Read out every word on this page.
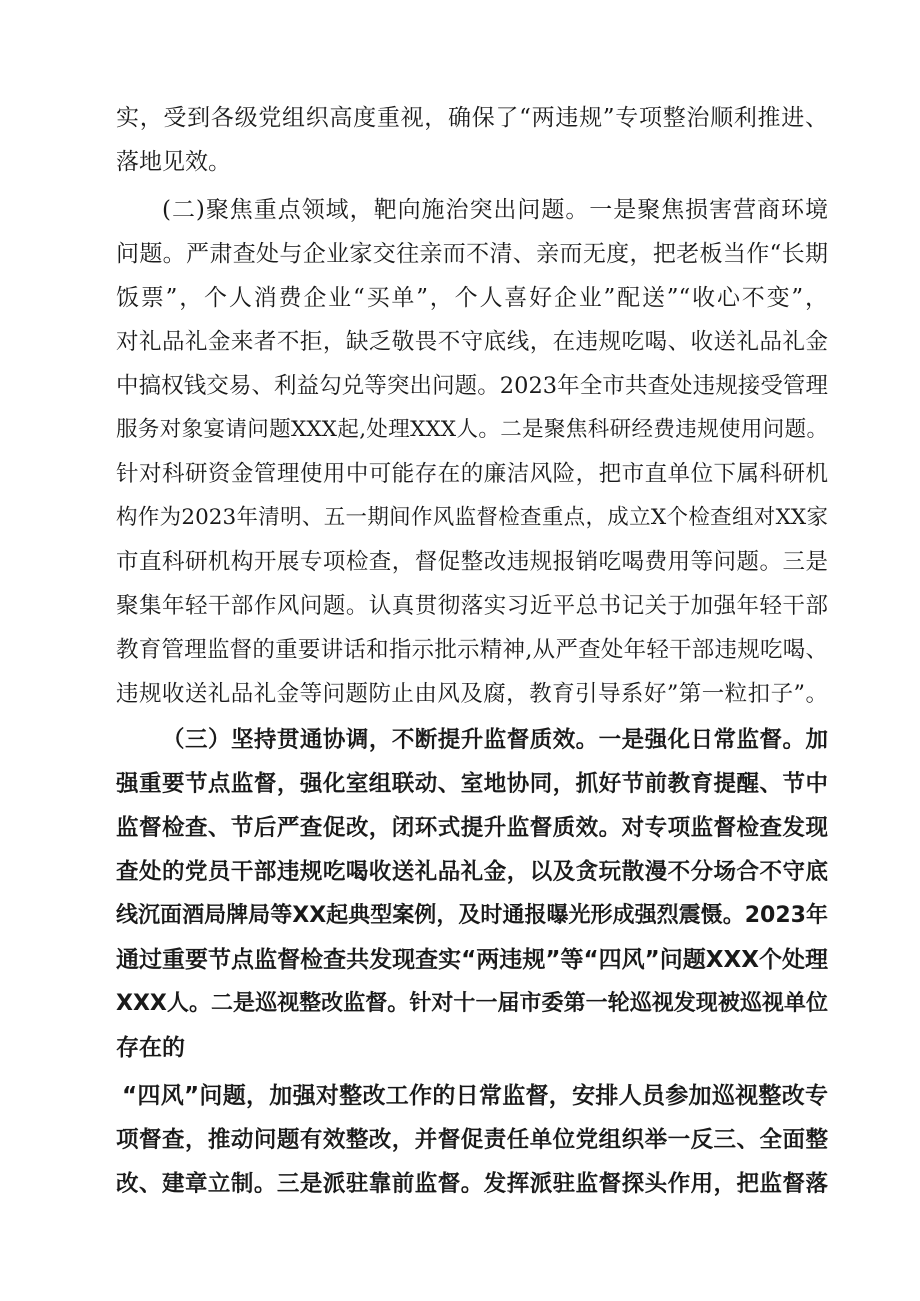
实，受到各级党组织高度重视，确保了“两违规”专项整治顺利推进、

落地见效。

(二)聚焦重点领域，靶向施治突出问题。一是聚焦损害营商环境

问题。严肃查处与企业家交往亲而不清、亲而无度，把老板当作“长期

饭票”，个人消费企业“买单”，个人喜好企业”配送”“收心不变”，

对礼品礼金来者不拒，缺乏敬畏不守底线，在违规吃喝、收送礼品礼金

中搞权钱交易、利益勾兑等突出问题。2023年全市共查处违规接受管理

服务对象宴请问题XXX起,处理XXX人。二是聚焦科研经费违规使用问题。

针对科研资金管理使用中可能存在的廉洁风险，把市直单位下属科研机

构作为2023年清明、五一期间作风监督检查重点，成立X个检查组对XX家

市直科研机构开展专项检查，督促整改违规报销吃喝费用等问题。三是

聚集年轻干部作风问题。认真贯彻落实习近平总书记关于加强年轻干部

教育管理监督的重要讲话和指示批示精神,从严查处年轻干部违规吃喝、

违规收送礼品礼金等问题防止由风及腐，教育引导系好”第一粒扣子”。

（三）坚持贯通协调，不断提升监督质效。一是强化日常监督。加

强重要节点监督，强化室组联动、室地协同，抓好节前教育提醒、节中

监督检查、节后严查促改，闭环式提升监督质效。对专项监督检查发现

查处的党员干部违规吃喝收送礼品礼金，以及贪玩散漫不分场合不守底

线沉面酒局牌局等XX起典型案例，及时通报曝光形成强烈震慑。2023年

通过重要节点监督检查共发现查实“两违规”等“四风”问题XXX个处理

XXX人。二是巡视整改监督。针对十一届市委第一轮巡视发现被巡视单位

存在的

“四风”问题，加强对整改工作的日常监督，安排人员参加巡视整改专

项督查，推动问题有效整改，并督促责任单位党组织举一反三、全面整

改、建章立制。三是派驻靠前监督。发挥派驻监督探头作用，把监督落
